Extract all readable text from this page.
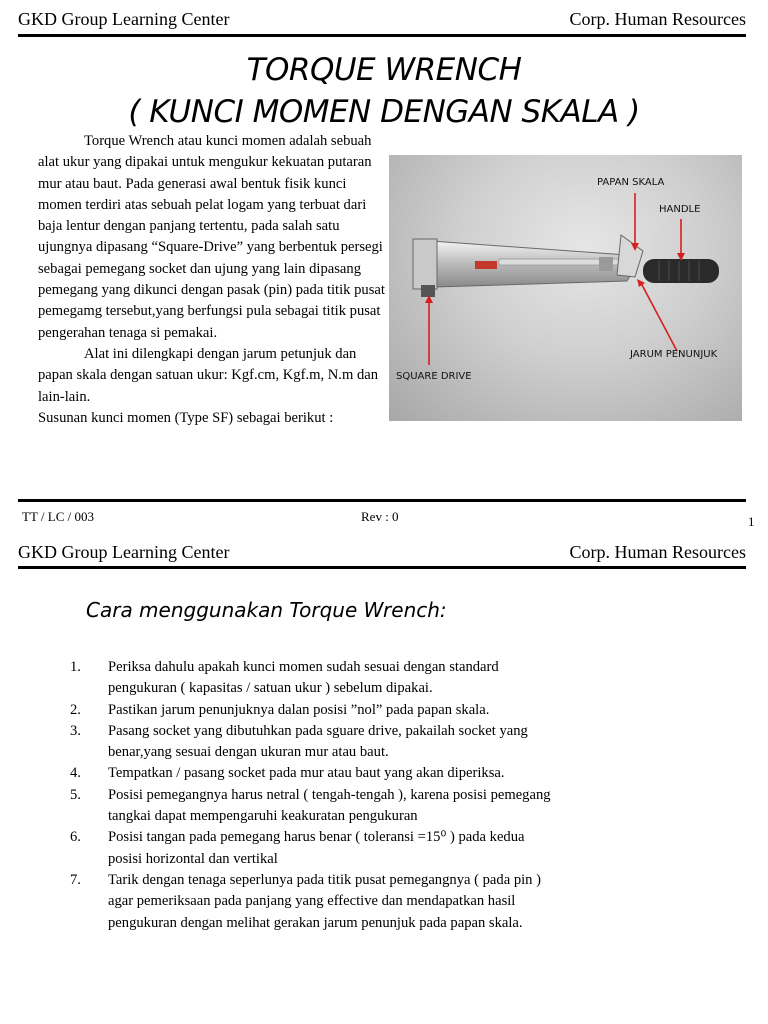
GKD Group Learning Center	Corp. Human Resources
TORQUE WRENCH
( KUNCI MOMEN DENGAN SKALA )

Torque Wrench atau kunci momen adalah sebuah alat ukur yang dipakai untuk mengukur kekuatan putaran mur atau baut. Pada generasi awal bentuk fisik kunci momen terdiri atas sebuah pelat logam yang terbuat dari baja lentur dengan panjang tertentu, pada salah satu ujungnya dipasang “Square-Drive” yang berbentuk persegi sebagai pemegang socket dan ujung yang lain dipasang pemegang yang dikunci dengan pasak (pin) pada titik pusat pemegamg tersebut,yang berfungsi pula sebagai titik pusat pengerahan tenaga si pemakai.

Alat ini dilengkapi dengan jarum petunjuk dan papan skala dengan satuan ukur: Kgf.cm, Kgf.m, N.m dan lain-lain.

Susunan kunci momen (Type SF) sebagai berikut :

PAPAN SKALA
HANDLE
JARUM PENUNJUK
SQUARE DRIVE
TT / LC / 003	Rev : 0	1
GKD Group Learning Center	Corp. Human Resources
Cara menggunakan Torque Wrench:
1. Periksa dahulu apakah kunci momen sudah sesuai dengan standard
pengukuran ( kapasitas / satuan ukur ) sebelum dipakai.
2. Pastikan jarum penunjuknya dalan posisi ”nol” pada papan skala.
3. Pasang socket yang dibutuhkan pada sguare drive, pakailah socket yang
benar,yang sesuai dengan ukuran mur atau baut.
4. Tempatkan / pasang socket pada mur atau baut yang akan diperiksa.
5. Posisi pemegangnya harus netral ( tengah-tengah ), karena posisi pemegang
tangkai dapat mempengaruhi keakuratan pengukuran
6. Posisi tangan pada pemegang harus benar ( toleransi =15⁰ ) pada kedua
posisi horizontal dan vertikal
7. Tarik dengan tenaga seperlunya pada titik pusat pemegangnya ( pada pin )
agar pemeriksaan pada panjang yang effective dan mendapatkan hasil
pengukuran dengan melihat gerakan jarum penunjuk pada papan skala.
